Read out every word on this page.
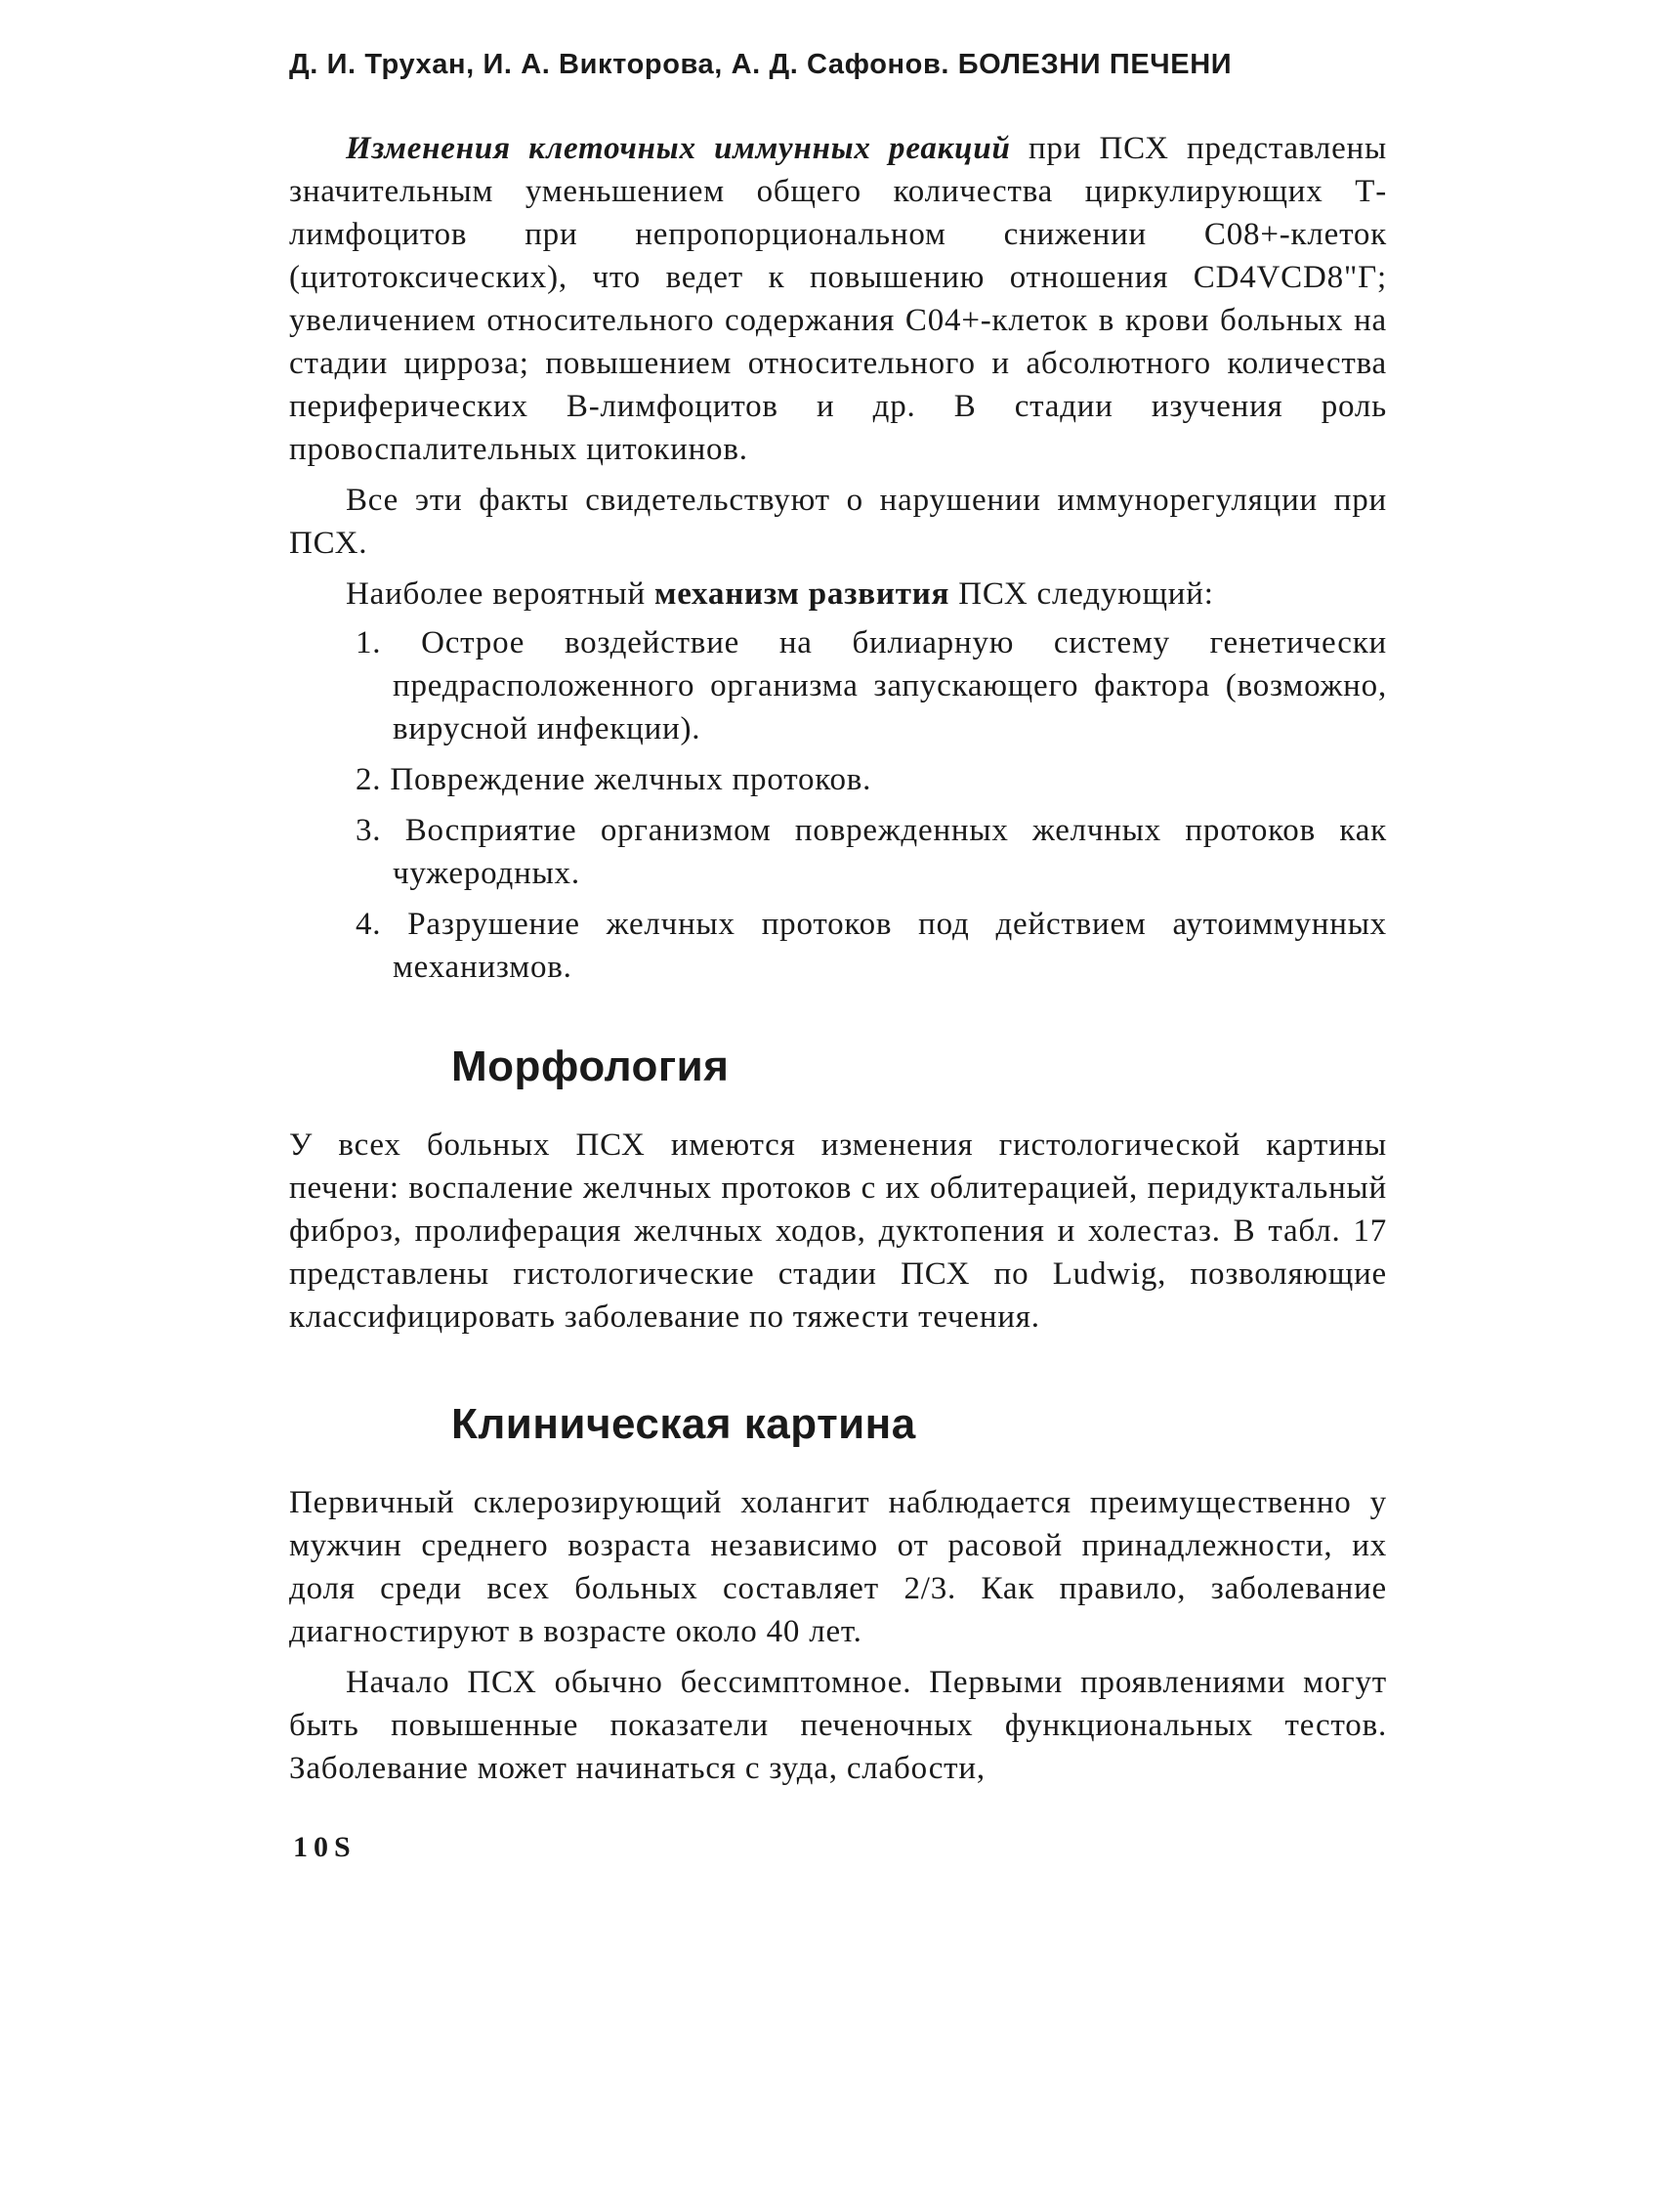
Д. И. Трухан, И. А. Викторова, А. Д. Сафонов. БОЛЕЗНИ ПЕЧЕНИ

Изменения клеточных иммунных реакций при ПСХ представлены значительным уменьшением общего количества циркулирующих Т-лимфоцитов при непропорциональном снижении С08+-клеток (цитотоксических), что ведет к повышению отношения CD4VCD8"Г; увеличением относительного содержания С04+-клеток в крови больных на стадии цирроза; повышением относительного и абсолютного количества периферических В-лимфоцитов и др. В стадии изучения роль провоспалительных цитокинов.

Все эти факты свидетельствуют о нарушении иммунорегуляции при ПСХ.

Наиболее вероятный механизм развития ПСХ следующий:

1. Острое воздействие на билиарную систему генетически предрасположенного организма запускающего фактора (возможно, вирусной инфекции).
2. Повреждение желчных протоков.
3. Восприятие организмом поврежденных желчных протоков как чужеродных.
4. Разрушение желчных протоков под действием аутоиммунных механизмов.
Морфология

У всех больных ПСХ имеются изменения гистологической картины печени: воспаление желчных протоков с их облитерацией, перидуктальный фиброз, пролиферация желчных ходов, дуктопения и холестаз. В табл. 17 представлены гистологические стадии ПСХ по Ludwig, позволяющие классифицировать заболевание по тяжести течения.

Клиническая картина

Первичный склерозирующий холангит наблюдается преимущественно у мужчин среднего возраста независимо от расовой принадлежности, их доля среди всех больных составляет 2/3. Как правило, заболевание диагностируют в возрасте около 40 лет.

Начало ПСХ обычно бессимптомное. Первыми проявлениями могут быть повышенные показатели печеночных функциональных тестов. Заболевание может начинаться с зуда, слабости,

10S
